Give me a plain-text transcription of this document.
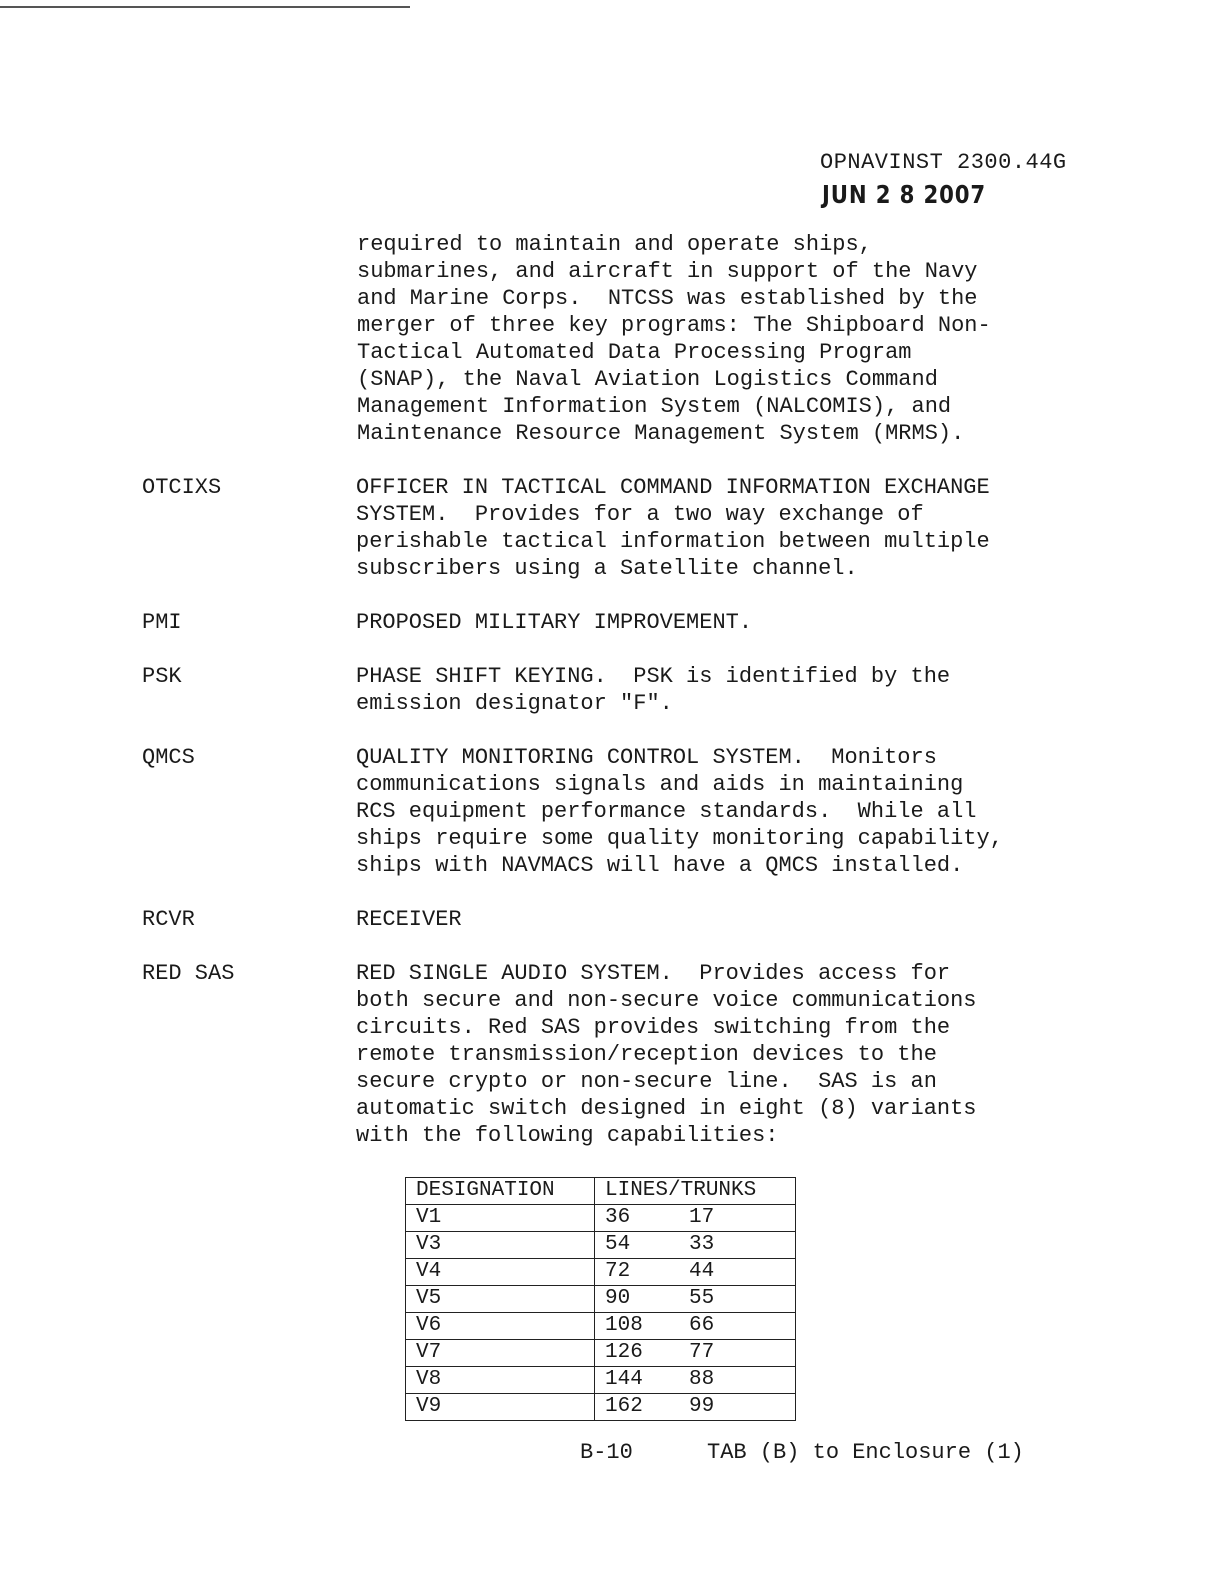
OPNAVINST 2300.44G
JUN 2 8 2007
required to maintain and operate ships,
submarines, and aircraft in support of the Navy
and Marine Corps.  NTCSS was established by the
merger of three key programs: The Shipboard Non-
Tactical Automated Data Processing Program
(SNAP), the Naval Aviation Logistics Command
Management Information System (NALCOMIS), and
Maintenance Resource Management System (MRMS).
OTCIXS	OFFICER IN TACTICAL COMMAND INFORMATION EXCHANGE
SYSTEM.  Provides for a two way exchange of
perishable tactical information between multiple
subscribers using a Satellite channel.
PMI	PROPOSED MILITARY IMPROVEMENT.
PSK	PHASE SHIFT KEYING.  PSK is identified by the
emission designator "F".
QMCS	QUALITY MONITORING CONTROL SYSTEM.  Monitors
communications signals and aids in maintaining
RCS equipment performance standards.  While all
ships require some quality monitoring capability,
ships with NAVMACS will have a QMCS installed.
RCVR	RECEIVER
RED SAS	RED SINGLE AUDIO SYSTEM.  Provides access for
both secure and non-secure voice communications
circuits. Red SAS provides switching from the
remote transmission/reception devices to the
secure crypto or non-secure line.  SAS is an
automatic switch designed in eight (8) variants
with the following capabilities:
DESIGNATION	LINES/TRUNKS
V1	36 17

V3	54 33

V4	72 44

V5	90 55

V6	108 66

V7	126 77

V8	144 88

V9	162 99
B-10	TAB (B) to Enclosure (1)
